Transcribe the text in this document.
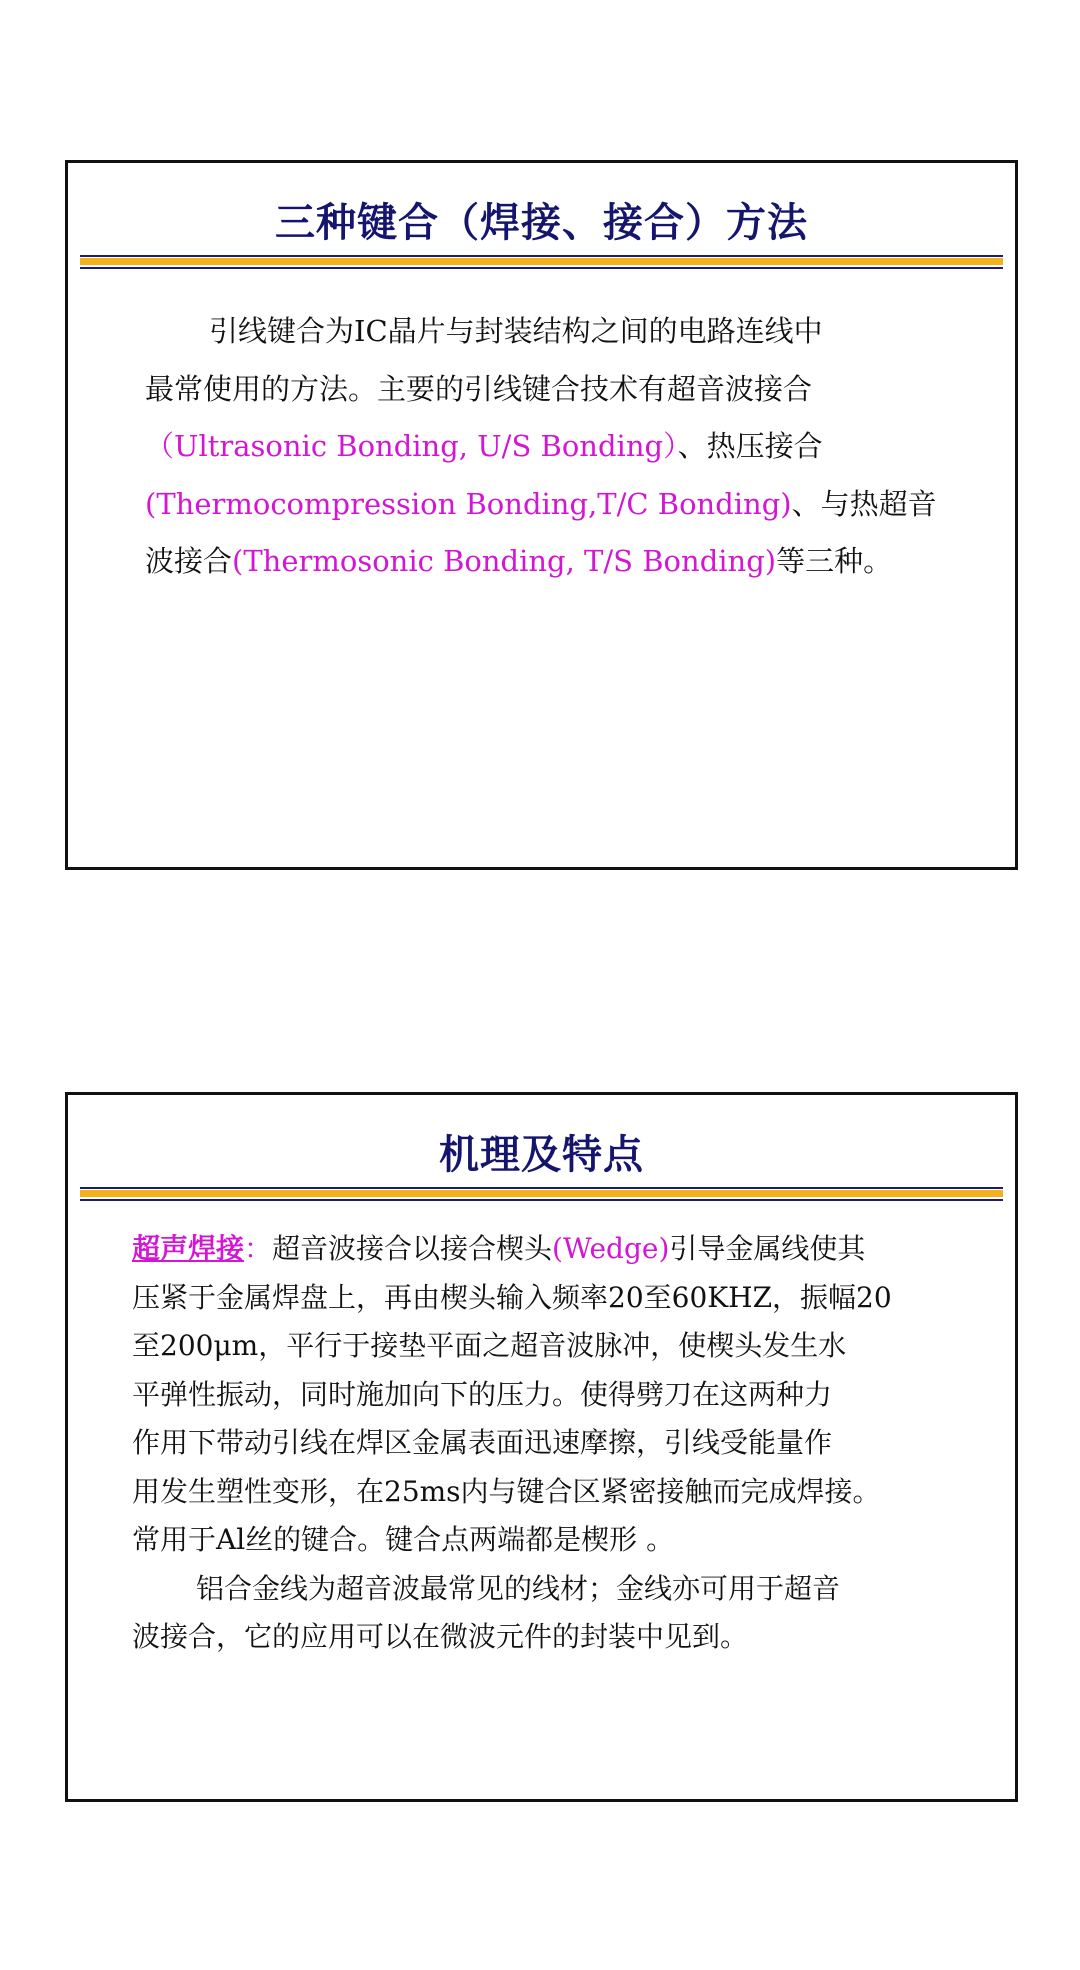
三种键合（焊接、接合）方法
引线键合为IC晶片与封装结构之间的电路连线中
最常使用的方法。主要的引线键合技术有超音波接合
（Ultrasonic Bonding, U/S Bonding）、热压接合
(Thermocompression Bonding,T/C Bonding)、与热超音
波接合(Thermosonic Bonding, T/S Bonding)等三种。
机理及特点
超声焊接：超音波接合以接合楔头(Wedge)引导金属线使其
压紧于金属焊盘上，再由楔头输入频率20至60KHZ，振幅20
至200μm，平行于接垫平面之超音波脉冲，使楔头发生水
平弹性振动，同时施加向下的压力。使得劈刀在这两种力
作用下带动引线在焊区金属表面迅速摩擦，引线受能量作
用发生塑性变形，在25ms内与键合区紧密接触而完成焊接。
常用于Al丝的键合。键合点两端都是楔形 。
铝合金线为超音波最常见的线材；金线亦可用于超音
波接合，它的应用可以在微波元件的封装中见到。
